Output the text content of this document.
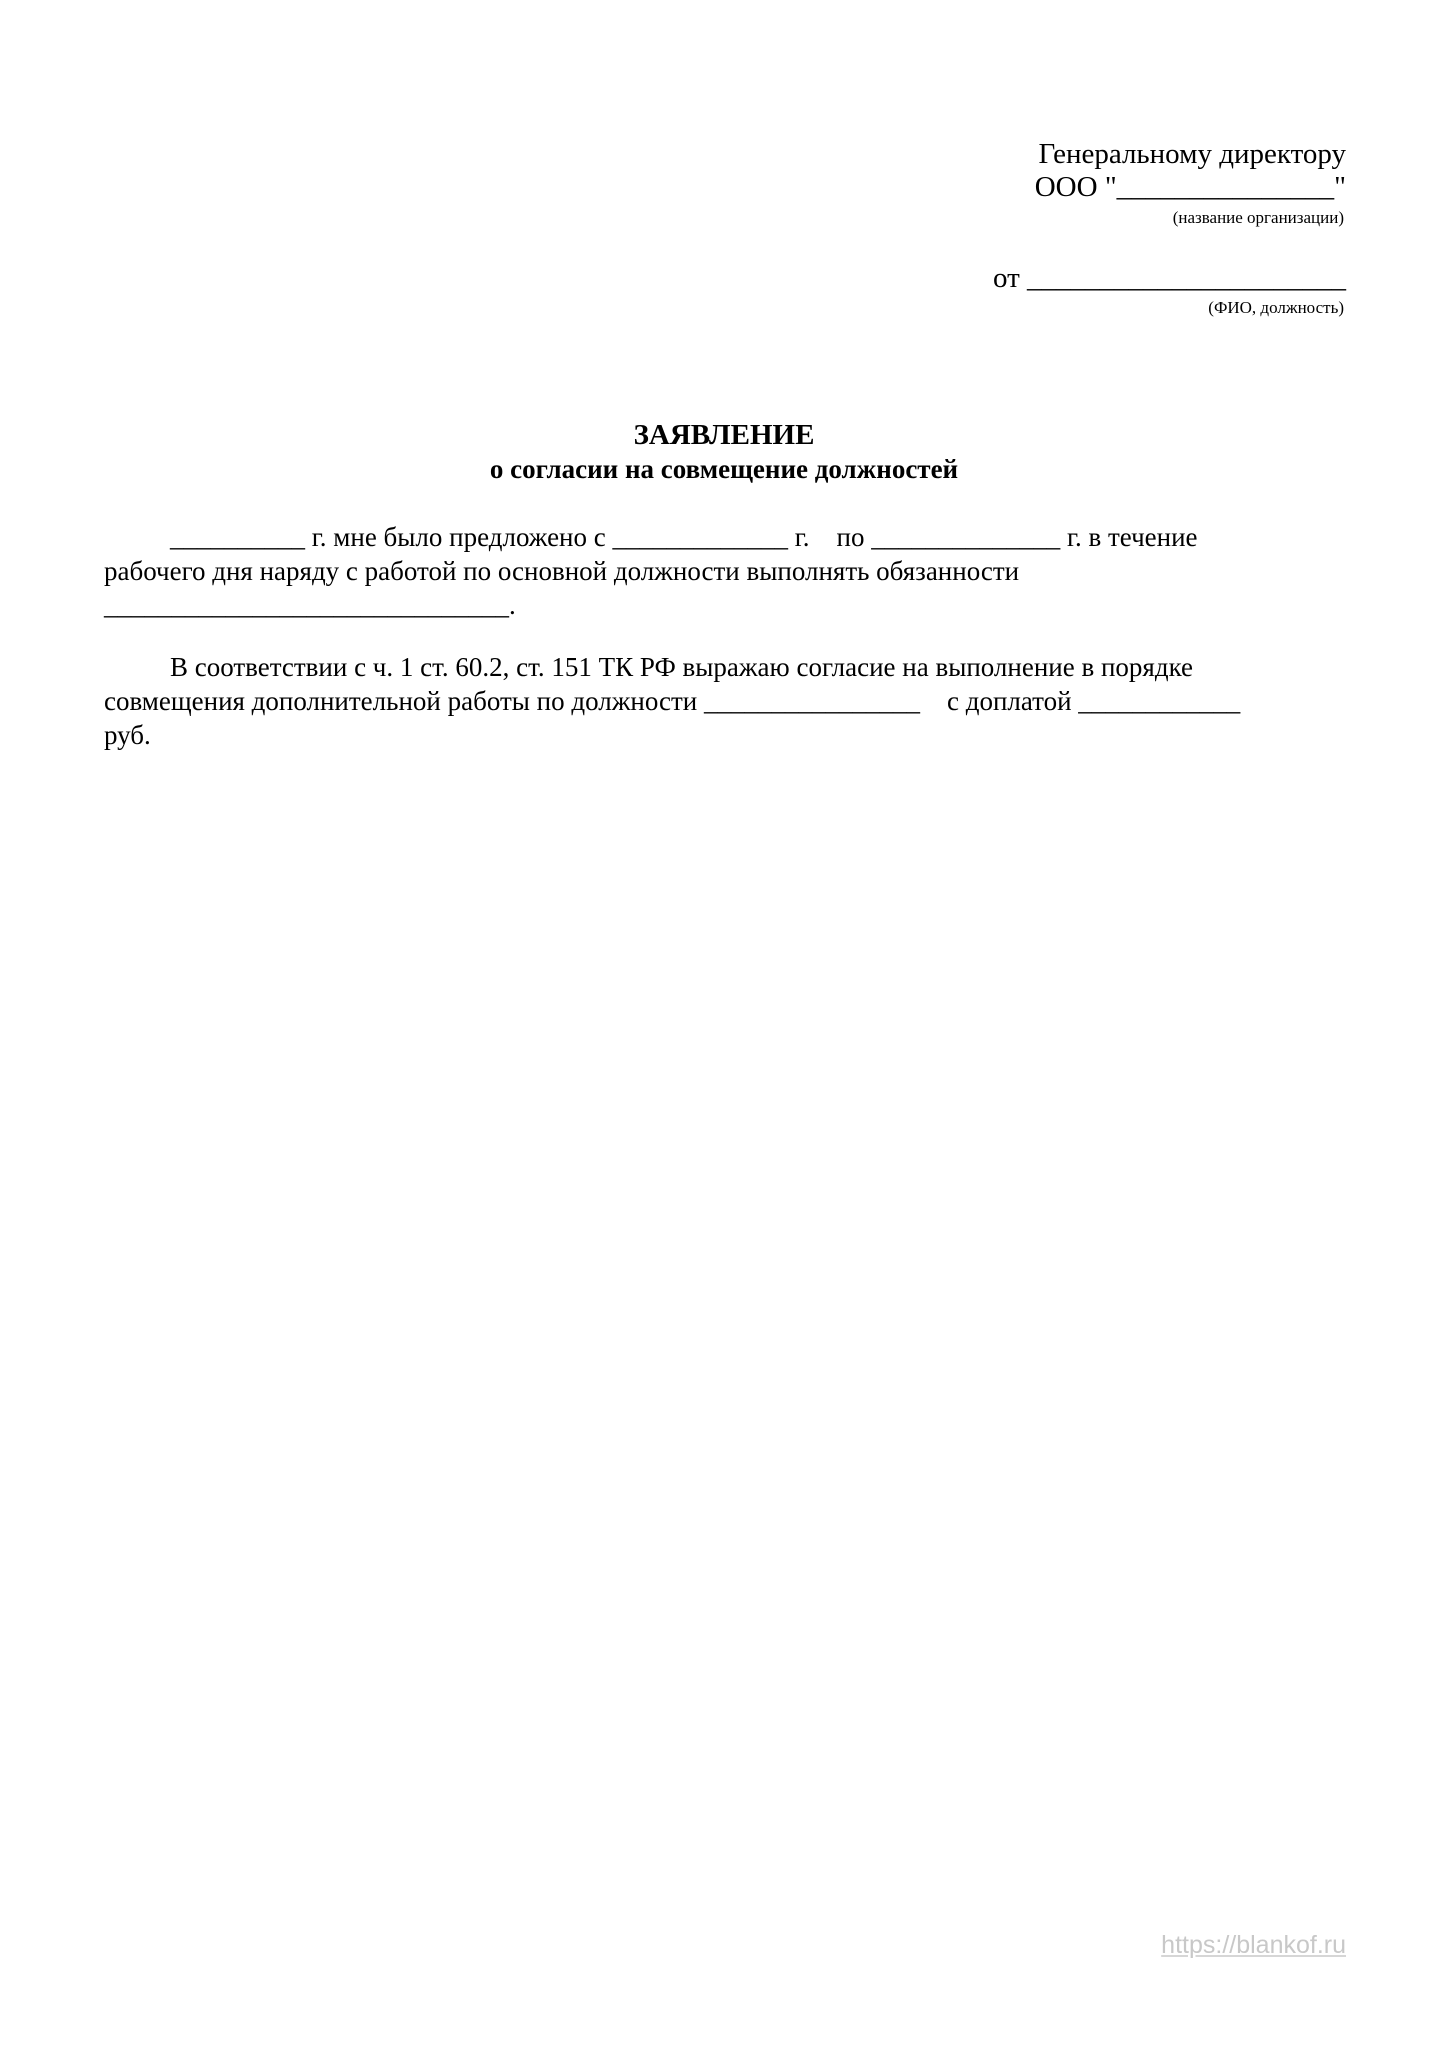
Генеральному директору
ООО "_______________"
(название организации)
от ______________________
(ФИО, должность)
ЗАЯВЛЕНИЕ
о согласии на совмещение должностей
__________ г. мне было предложено с _____________ г.    по ______________ г. в течение
рабочего дня наряду с работой по основной должности выполнять обязанности
______________________________.
В соответствии с ч. 1 ст. 60.2, ст. 151 ТК РФ выражаю согласие на выполнение в порядке
совмещения дополнительной работы по должности ________________    с доплатой ____________
руб.
https://blankof.ru
